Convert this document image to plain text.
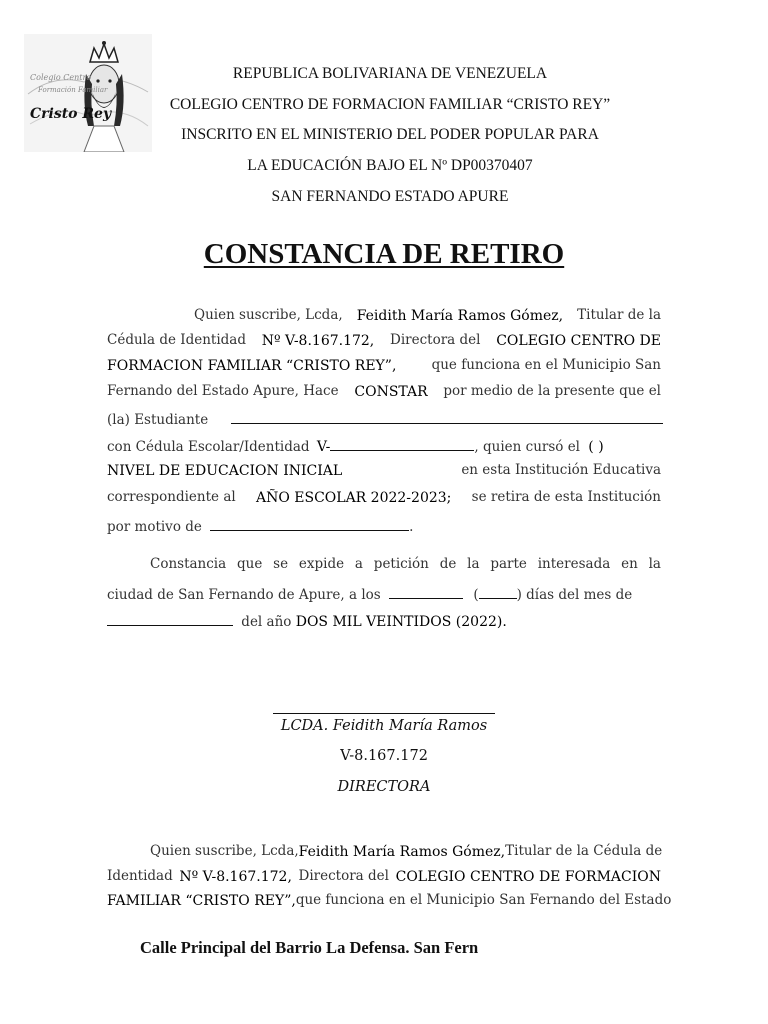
Colegio Centro
Formación Familiar
Cristo Rey
REPUBLICA BOLIVARIANA DE VENEZUELA
COLEGIO CENTRO DE FORMACION FAMILIAR “CRISTO REY”
INSCRITO EN EL MINISTERIO DEL PODER POPULAR PARA
LA EDUCACIÓN BAJO EL Nº DP00370407
SAN FERNANDO ESTADO APURE
CONSTANCIA DE RETIRO
Quien suscribe, Lcda, Feidith María Ramos Gómez, Titular de la
Cédula de Identidad Nº V-8.167.172, Directora del COLEGIO CENTRO DE
FORMACION FAMILIAR “CRISTO REY”,	que funciona en el Municipio San
Fernando del Estado Apure, Hace CONSTAR por medio de la presente que el
(la) Estudiante
con Cédula Escolar/Identidad V-	, quien cursó el ( )
NIVEL DE EDUCACION INICIAL	en esta Institución Educativa
correspondiente al AÑO ESCOLAR 2022-2023; se retira de esta Institución
por motivo de	.
Constancia que se expide a petición de la parte interesada en la
ciudad de San Fernando de Apure, a los	(	) días del mes de
del año DOS MIL VEINTIDOS (2022).
LCDA. Feidith María Ramos
V-8.167.172
DIRECTORA
Quien suscribe, Lcda, Feidith María Ramos Gómez, Titular de la Cédula de
Identidad Nº V-8.167.172, Directora del COLEGIO CENTRO DE FORMACION
FAMILIAR “CRISTO REY”, que funciona en el Municipio San Fernando del Estado
Calle Principal del Barrio La Defensa. San Fern
